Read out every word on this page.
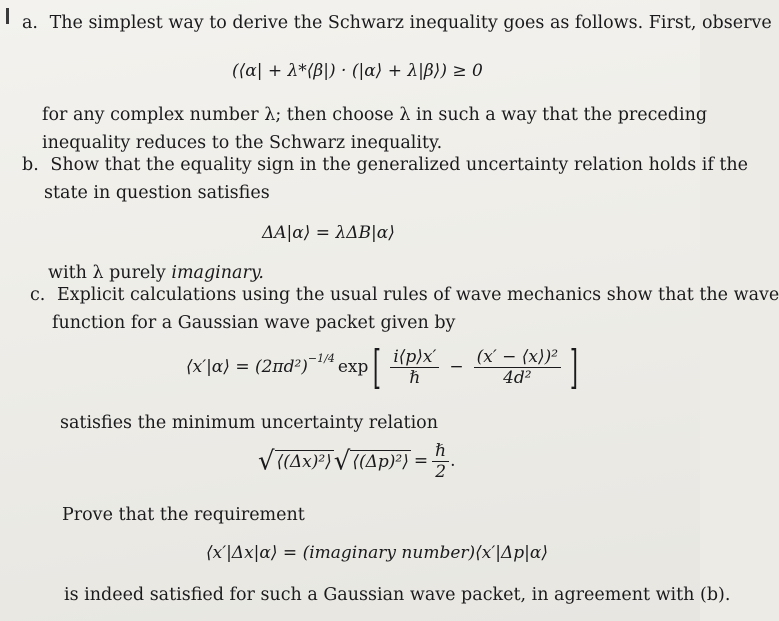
a. The simplest way to derive the Schwarz inequality goes as follows. First, observe
(⟨α| + λ*⟨β|) · (|α⟩ + λ|β⟩) ≥ 0
for any complex number λ; then choose λ in such a way that the preceding
inequality reduces to the Schwarz inequality.
b. Show that the equality sign in the generalized uncertainty relation holds if the
state in question satisfies
ΔA|α⟩ = λΔB|α⟩
with λ purely imaginary.
c. Explicit calculations using the usual rules of wave mechanics show that the wave
function for a Gaussian wave packet given by
⟨x′|α⟩ = $(2\pi d^2)^{-1/4}$ exp [ $\frac{i⟨p⟩x'}{\text{ℏ}} - \frac{\text{(x′ − ⟨x⟩)²}}{\text{4d²}}$ ]
satisfies the minimum uncertainty relation
√ ⟨(Δx)²⟩ √ ⟨(Δp)²⟩ = $\frac{\text{ℏ}}{2}$ .
Prove that the requirement
⟨x′|Δx|α⟩ = (imaginary number)⟨x′|Δp|α⟩
is indeed satisfied for such a Gaussian wave packet, in agreement with (b).
